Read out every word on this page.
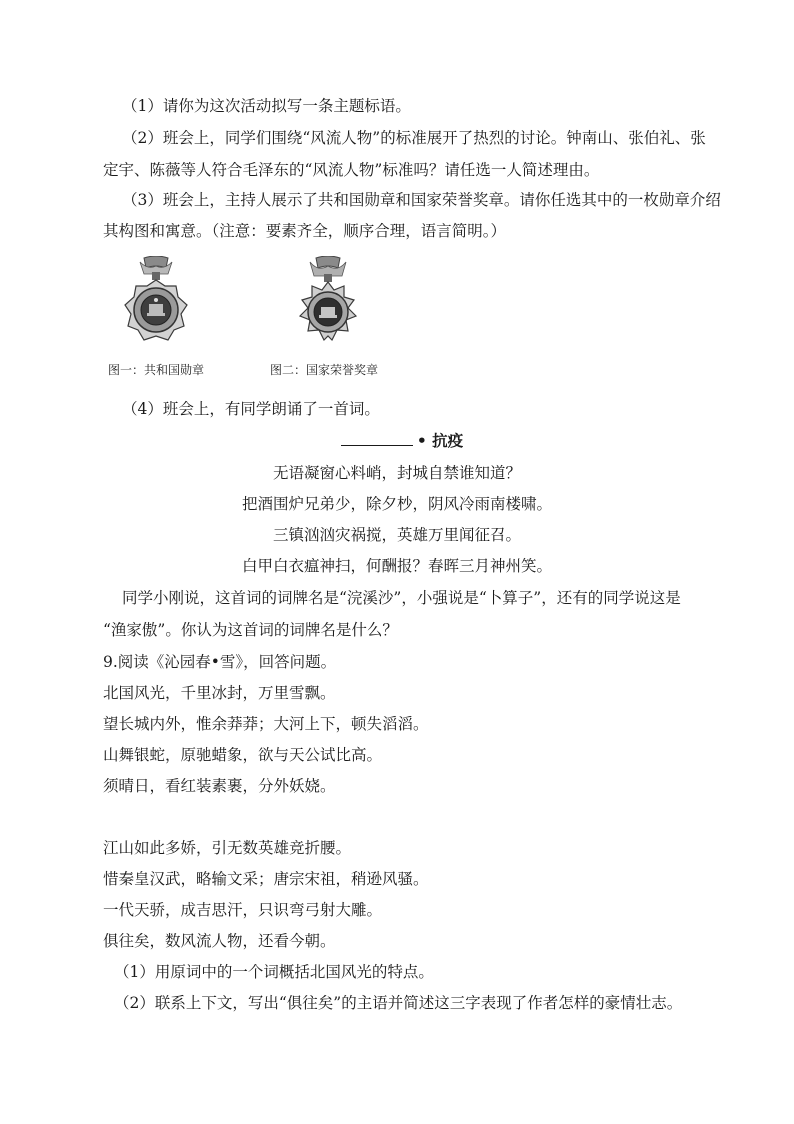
（1）请你为这次活动拟写一条主题标语。
（2）班会上，同学们围绕“风流人物”的标准展开了热烈的讨论。钟南山、张伯礼、张
定宇、陈薇等人符合毛泽东的“风流人物”标准吗？请任选一人简述理由。
（3）班会上，主持人展示了共和国勋章和国家荣誉奖章。请你任选其中的一枚勋章介绍
其构图和寓意。（注意：要素齐全，顺序合理，语言简明。）
图一：共和国勋章	图二：国家荣誉奖章
（4）班会上，有同学朗诵了一首词。
• 抗疫
无语凝窗心料峭，封城自禁谁知道？
把酒围炉兄弟少，除夕杪，阴风冷雨南楼啸。
三镇汹汹灾祸搅，英雄万里闻征召。
白甲白衣瘟神扫，何酬报？春晖三月神州笑。
同学小刚说，这首词的词牌名是“浣溪沙”，小强说是“卜算子”，还有的同学说这是
“渔家傲”。你认为这首词的词牌名是什么？
9.阅读《沁园春•雪》，回答问题。
北国风光，千里冰封，万里雪飘。
望长城内外，惟余莽莽；大河上下，顿失滔滔。
山舞银蛇，原驰蜡象，欲与天公试比高。
须晴日，看红装素裹，分外妖娆。
江山如此多娇，引无数英雄竞折腰。
惜秦皇汉武，略输文采；唐宗宋祖，稍逊风骚。
一代天骄，成吉思汗，只识弯弓射大雕。
俱往矣，数风流人物，还看今朝。
（1）用原词中的一个词概括北国风光的特点。
（2）联系上下文，写出“俱往矣”的主语并简述这三字表现了作者怎样的豪情壮志。
